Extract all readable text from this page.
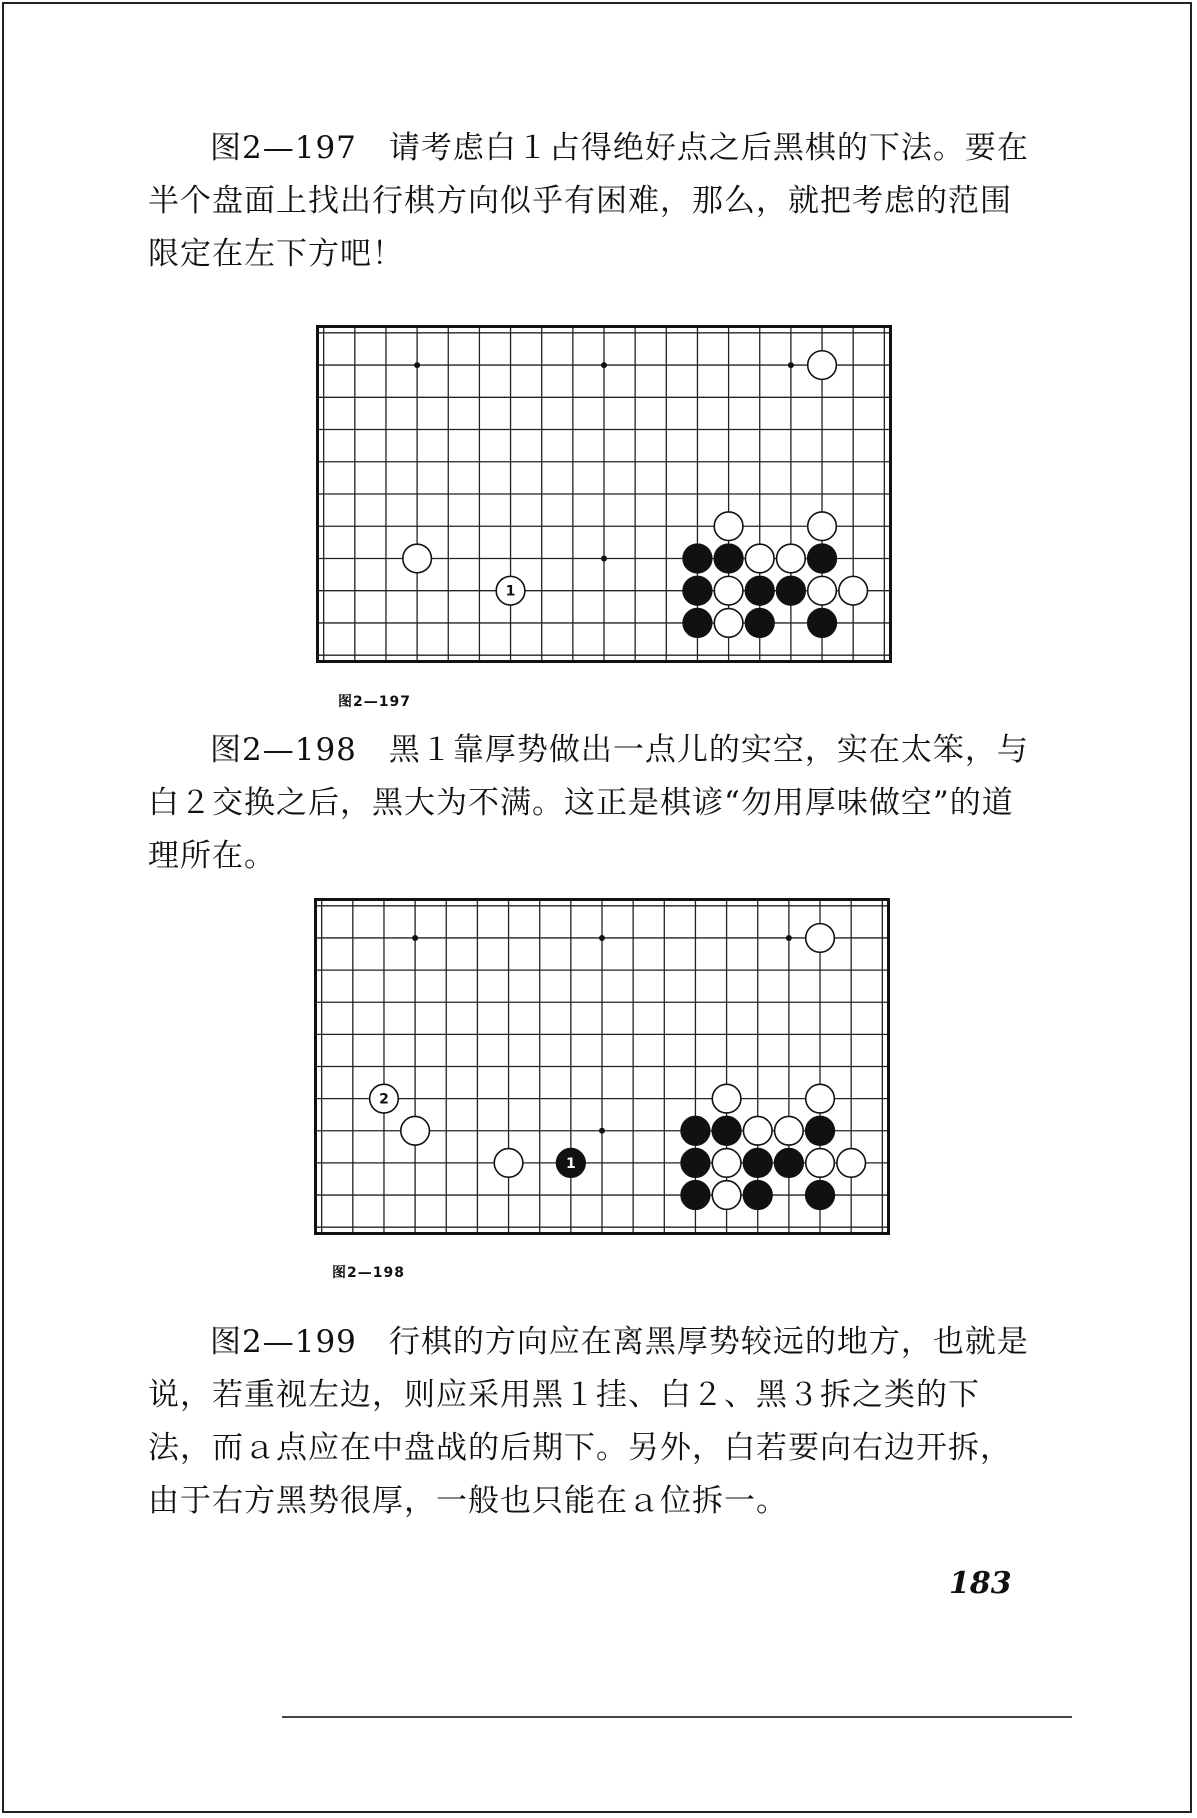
图2—197　请考虑白１占得绝好点之后黑棋的下法。要在半个盘面上找出行棋方向似乎有困难，那么，就把考虑的范围限定在左下方吧！

1
图2—197

图2—198　黑１靠厚势做出一点儿的实空，实在太笨，与白２交换之后，黑大为不满。这正是棋谚“勿用厚味做空”的道理所在。

2
1
图2—198

图2—199　行棋的方向应在离黑厚势较远的地方，也就是说，若重视左边，则应采用黑１挂、白２、黑３拆之类的下法，而ａ点应在中盘战的后期下。另外，白若要向右边开拆，由于右方黑势很厚，一般也只能在ａ位拆一。

183
